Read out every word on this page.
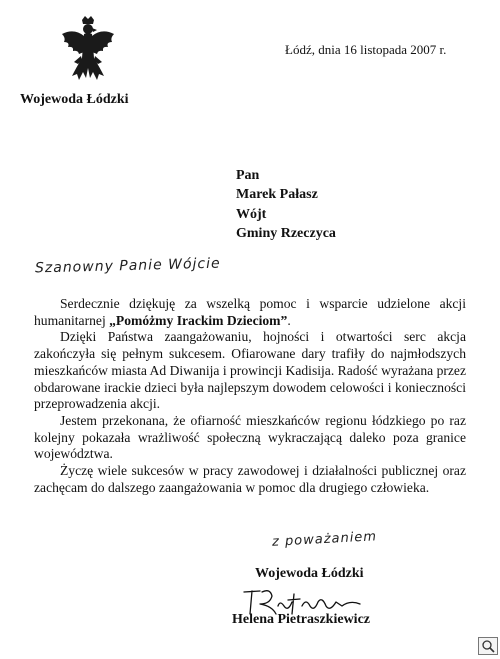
Łódź, dnia 16 listopada 2007 r.
Wojewoda Łódzki
Pan
Marek Pałasz
Wójt
Gminy Rzeczyca
Szanowny Panie Wójcie

Serdecznie dziękuję za wszelką pomoc i wsparcie udzielone akcji humanitarnej „Pomóżmy Irackim Dzieciom”.

Dzięki Państwa zaangażowaniu, hojności i otwartości serc akcja zakończyła się pełnym sukcesem. Ofiarowane dary trafiły do najmłodszych mieszkańców miasta Ad Diwanija i prowincji Kadisija. Radość wyrażana przez obdarowane irackie dzieci była najlepszym dowodem celowości i konieczności przeprowadzenia akcji.

Jestem przekonana, że ofiarność mieszkańców regionu łódzkiego po raz kolejny pokazała wrażliwość społeczną wykraczającą daleko poza granice województwa.

Życzę wiele sukcesów w pracy zawodowej i działalności publicznej oraz zachęcam do dalszego zaangażowania w pomoc dla drugiego człowieka.

z poważaniem
Wojewoda Łódzki
Helena Pietraszkiewicz
